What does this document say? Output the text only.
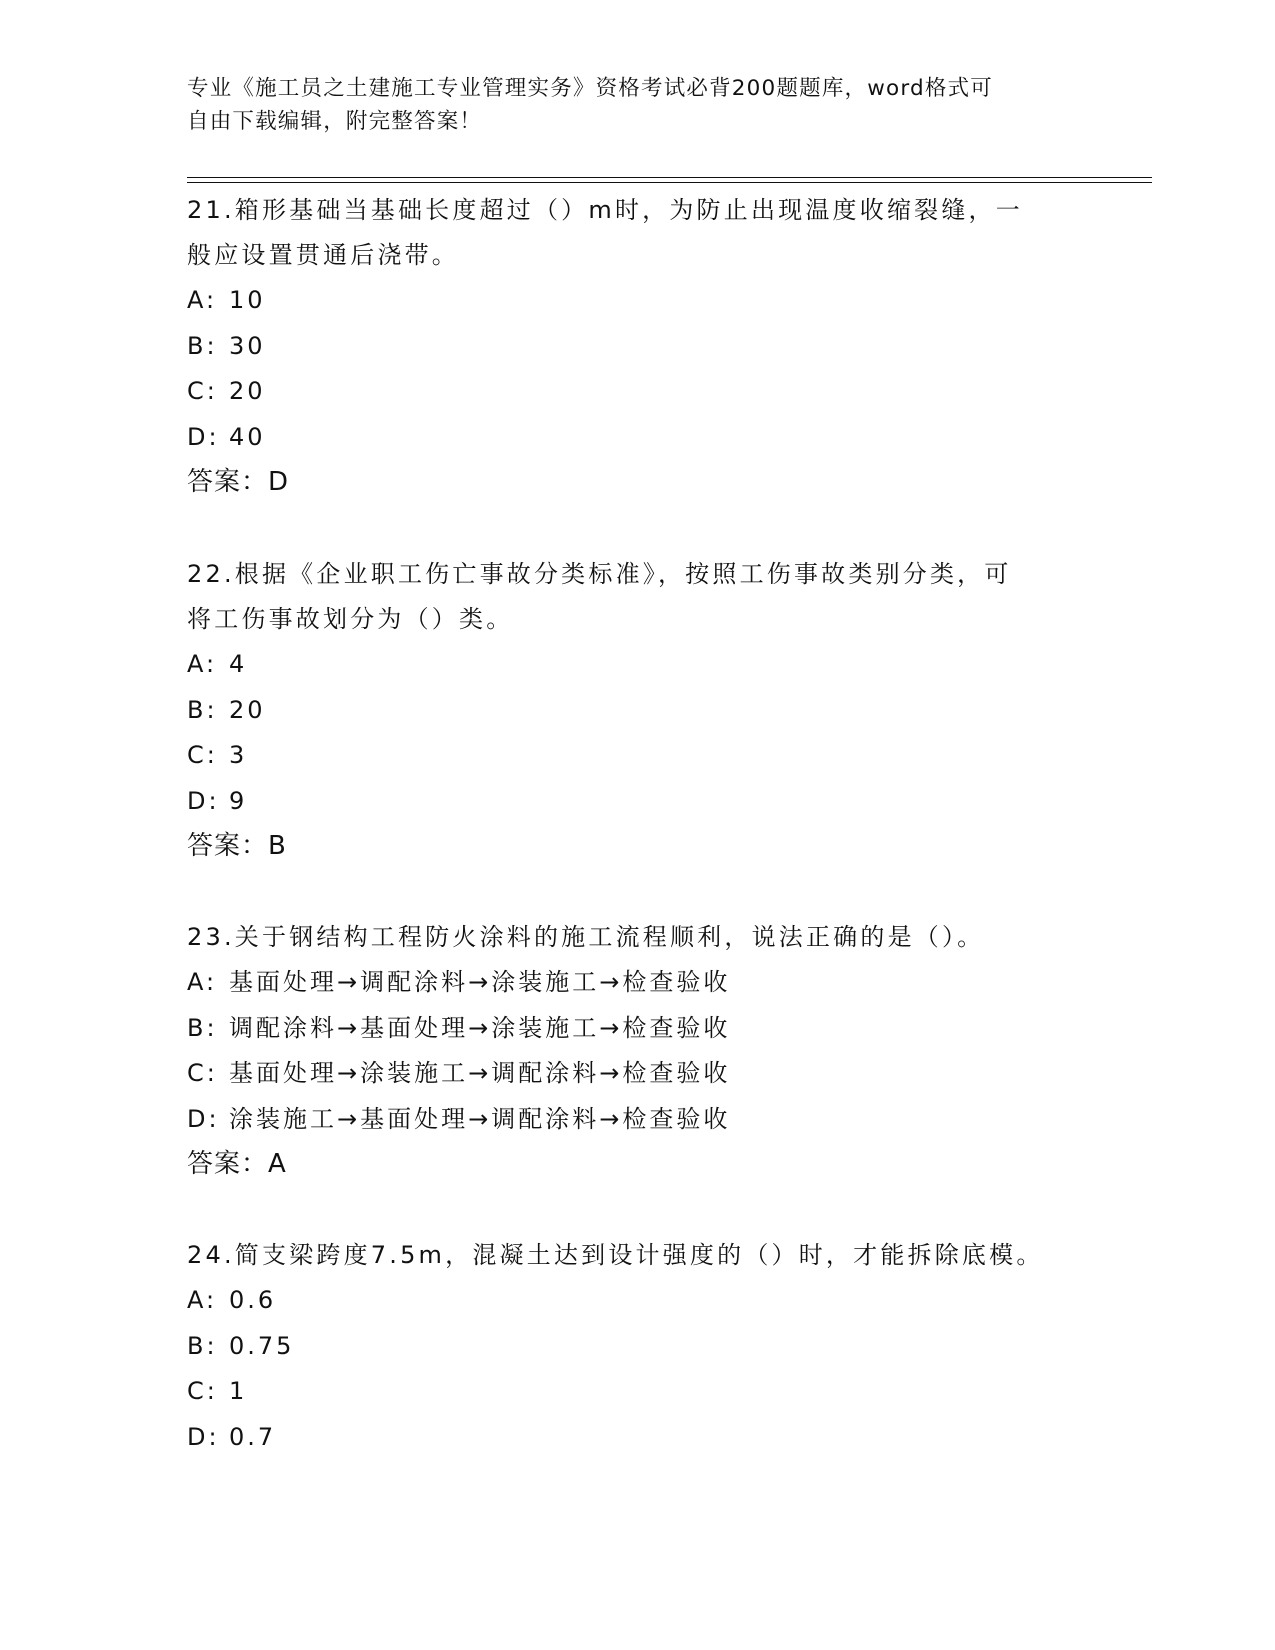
专业《施工员之土建施工专业管理实务》资格考试必背200题题库，word格式可
自由下载编辑，附完整答案！

21.箱形基础当基础长度超过（）m时，为防止出现温度收缩裂缝，一

般应设置贯通后浇带。

A: 10

B: 30

C: 20

D: 40

答案：D

22.根据《企业职工伤亡事故分类标准》，按照工伤事故类别分类，可

将工伤事故划分为（）类。

A: 4

B: 20

C: 3

D: 9

答案：B

23.关于钢结构工程防火涂料的施工流程顺利，说法正确的是（）。

A: 基面处理→调配涂料→涂装施工→检查验收

B: 调配涂料→基面处理→涂装施工→检查验收

C: 基面处理→涂装施工→调配涂料→检查验收

D: 涂装施工→基面处理→调配涂料→检查验收

答案：A

24.简支梁跨度7.5m，混凝土达到设计强度的（）时，才能拆除底模。

A: 0.6

B: 0.75

C: 1

D: 0.7
